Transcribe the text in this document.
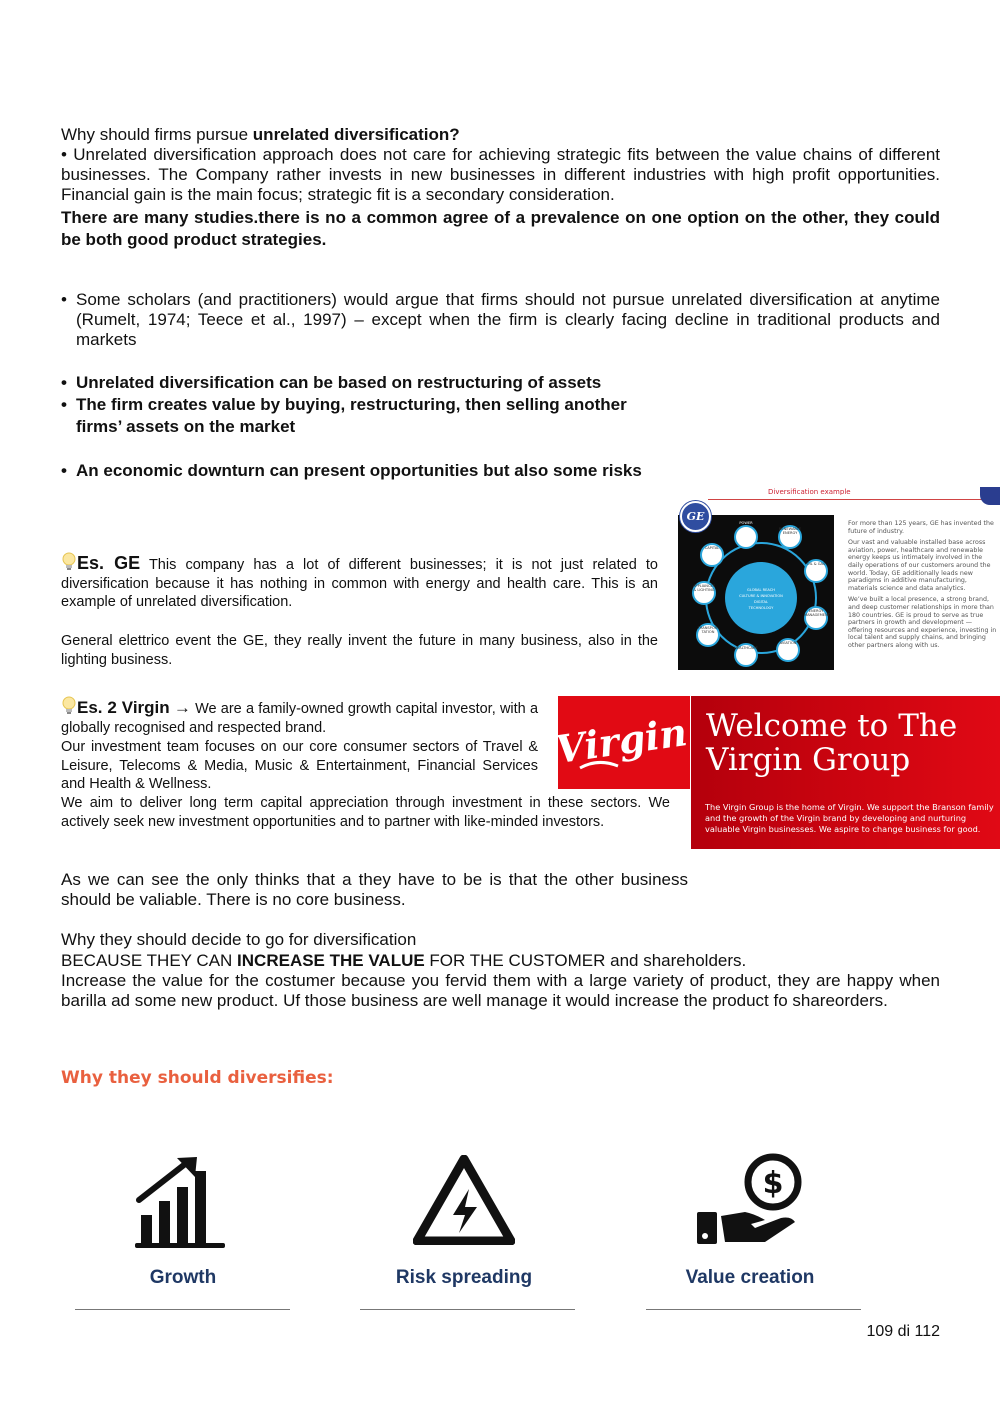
Why should firms pursue unrelated diversification?
• Unrelated diversification approach does not care for achieving strategic fits between the value chains of different businesses. The Company rather invests in new businesses in different industries with high profit opportunities. Financial gain is the main focus; strategic fit is a secondary consideration.
There are many studies.there is no a common agree of a prevalence on one option on the other, they could be both good product strategies.
• Some scholars (and practitioners) would argue that firms should not pursue unrelated diversification at anytime (Rumelt, 1974; Teece et al., 1997) – except when the firm is clearly facing decline in traditional products and markets
• Unrelated diversification can be based on restructuring of assets
• The firm creates value by buying, restructuring, then selling another firms’ assets on the market
• An economic downturn can present opportunities but also some risks
Es. GE This company has a lot of different businesses; it is not just related to diversification because it has nothing in common with energy and health care. This is an example of unrelated diversification.
General elettrico event the GE, they really invent the future in many business, also in the lighting business.
Diversification example
GLOBAL REACH
CULTURE & INNOVATION
DIGITAL
TECHNOLOGY
POWER
RENEWABLE ENERGY
OIL & GAS
ENERGY MANAGEMENT
AVIATION
HEALTHCARE
TRANSPOR-TATION
APPLIANCES & LIGHTING
CAPITAL
GE
For more than 125 years, GE has invented the future of industry.
Our vast and valuable installed base across aviation, power, healthcare and renewable energy keeps us intimately involved in the daily operations of our customers around the world. Today, GE additionally leads new paradigms in additive manufacturing, materials science and data analytics.
We’ve built a local presence, a strong brand, and deep customer relationships in more than 180 countries. GE is proud to serve as true partners in growth and development — offering resources and experience, investing in local talent and supply chains, and bringing other partners along with us.
Es. 2 Virgin → We are a family-owned growth capital investor, with a globally recognised and respected brand.
Our investment team focuses on our core consumer sectors of Travel & Leisure, Telecoms & Media, Music & Entertainment, Financial Services and Health & Wellness.
We aim to deliver long term capital appreciation through investment in these sectors. We actively seek new investment opportunities and to partner with like-minded investors.
Virgin Welcome to The Virgin Group
The Virgin Group is the home of Virgin. We support the Branson family and the growth of the Virgin brand by developing and nurturing valuable Virgin businesses. We aspire to change business for good.
As we can see the only thinks that a they have to be is that the other business should be valiable. There is no core business.
Why they should decide to go for diversification
BECAUSE THEY CAN INCREASE THE VALUE FOR THE CUSTOMER and shareholders.
Increase the value for the costumer because you fervid them with a large variety of product, they are happy when barilla ad some new product. Uf those business are well manage it would increase the product fo shareorders.
Why they should diversifies:
Growth	Risk spreading
$
Value creation
109 di 112
